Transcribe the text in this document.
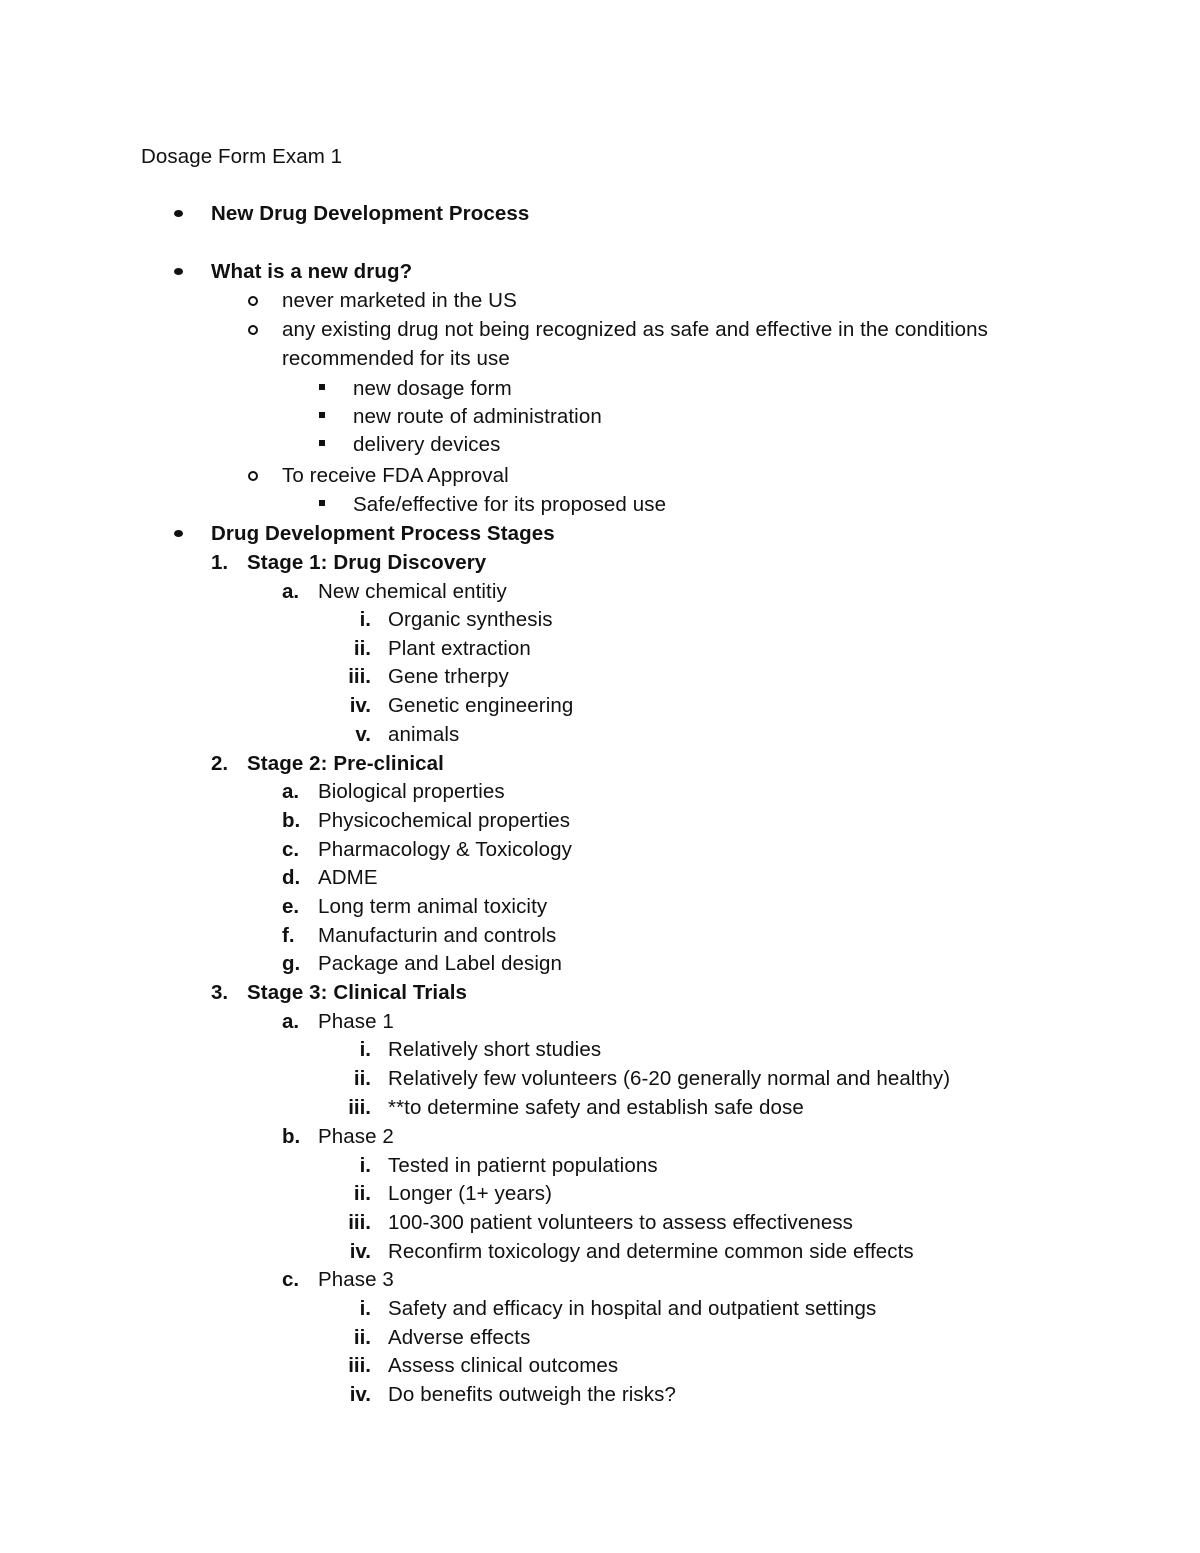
Dosage Form Exam 1
New Drug Development Process
What is a new drug?
never marketed in the US
any existing drug not being recognized as safe and effective in the conditions
recommended for its use
new dosage form
new route of administration
delivery devices
To receive FDA Approval
Safe/effective for its proposed use
Drug Development Process Stages
1. Stage 1: Drug Discovery
a. New chemical entitiy
i. Organic synthesis
ii. Plant extraction
iii. Gene trherpy
iv. Genetic engineering
v. animals
2. Stage 2: Pre-clinical
a. Biological properties
b. Physicochemical properties
c. Pharmacology & Toxicology
d. ADME
e. Long term animal toxicity
f. Manufacturin and controls
g. Package and Label design
3. Stage 3: Clinical Trials
a. Phase 1
i. Relatively short studies
ii. Relatively few volunteers (6-20 generally normal and healthy)
iii. **to determine safety and establish safe dose
b. Phase 2
i. Tested in patiernt populations
ii. Longer (1+ years)
iii. 100-300 patient volunteers to assess effectiveness
iv. Reconfirm toxicology and determine common side effects
c. Phase 3
i. Safety and efficacy in hospital and outpatient settings
ii. Adverse effects
iii. Assess clinical outcomes
iv. Do benefits outweigh the risks?
